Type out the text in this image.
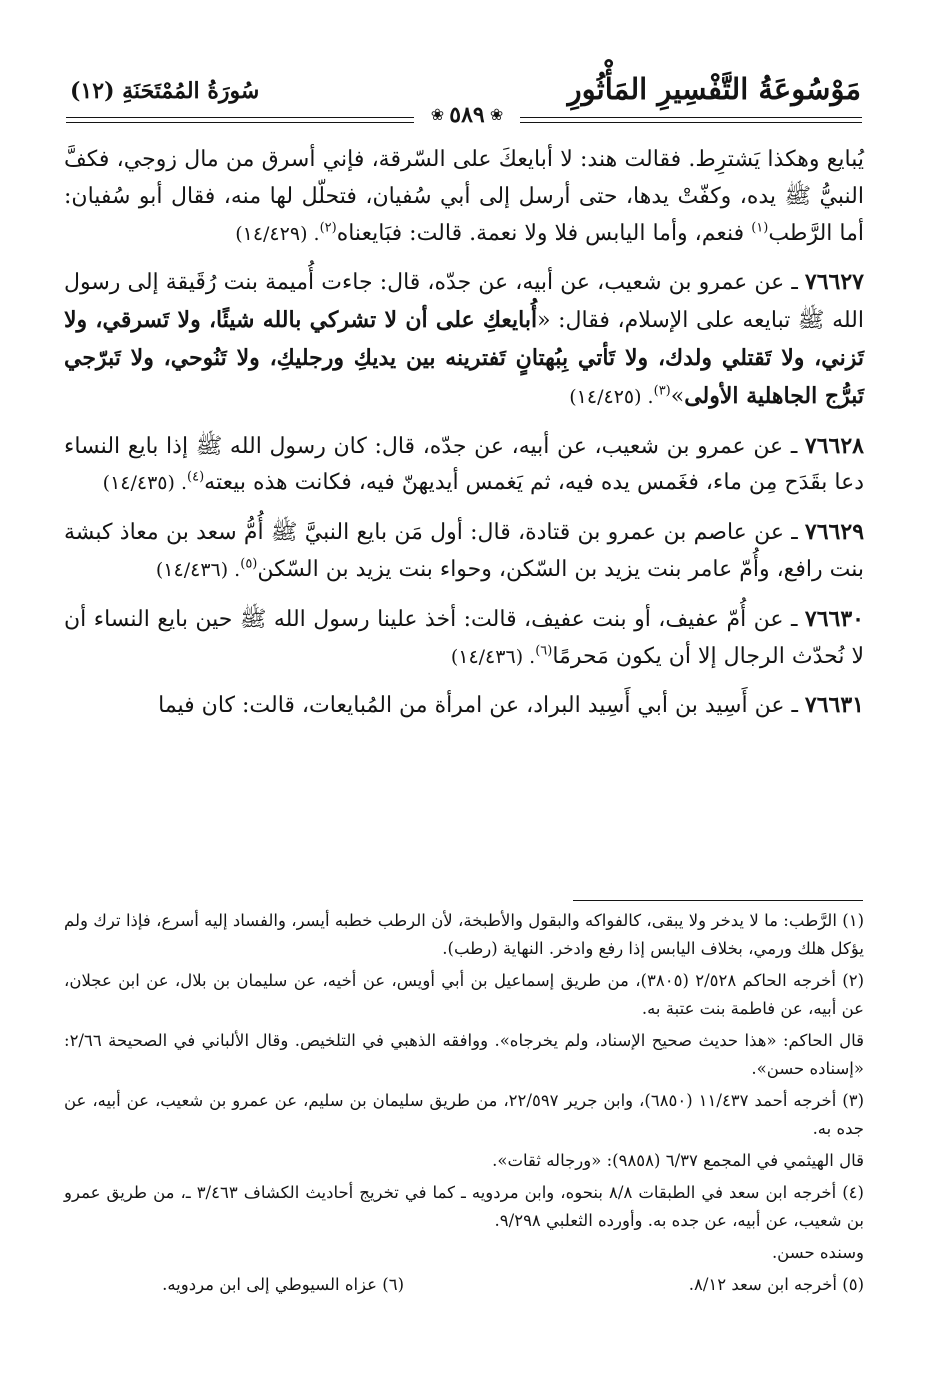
مَوْسُوعَةُ التَّفْسِيرِ المَأْثُورِ
سُورَةُ المُمْتَحَنَةِ (١٢)
❀ ٥٨٩ ❀

يُبايع وهكذا يَشترِط. فقالت هند: لا أبايعكَ على السّرقة، فإني أسرق من مال زوجي، فكفَّ النبيُّ ﷺ يده، وكفّتْ يدها، حتى أرسل إلى أبي سُفيان، فتحلّل لها منه، فقال أبو سُفيان: أما الرَّطب$^{(١)}$ فنعم، وأما اليابس فلا ولا نعمة. قالت: فبَايعناه$^{(٢)}$. (١٤/٤٢٩)

٧٦٦٢٧ ـ عن عمرو بن شعيب، عن أبيه، عن جدّه، قال: جاءت أُميمة بنت رُقَيقة إلى رسول الله ﷺ تبايعه على الإسلام، فقال: «أُبايعكِ على أن لا تشركي بالله شيئًا، ولا تَسرقي، ولا تَزني، ولا تَقتلي ولدك، ولا تَأتي بِبُهتانٍ تَفترينه بين يديكِ ورجليكِ، ولا تَنُوحي، ولا تَبرّجي تَبرُّج الجاهلية الأولى»$^{(٣)}$. (١٤/٤٢٥)

٧٦٦٢٨ ـ عن عمرو بن شعيب، عن أبيه، عن جدّه، قال: كان رسول الله ﷺ إذا بايع النساء دعا بقَدَح مِن ماء، فغَمس يده فيه، ثم يَغمس أيديهنّ فيه، فكانت هذه بيعته$^{(٤)}$. (١٤/٤٣٥)

٧٦٦٢٩ ـ عن عاصم بن عمرو بن قتادة، قال: أول مَن بايع النبيَّ ﷺ أُمُّ سعد بن معاذ كبشة بنت رافع، وأُمّ عامر بنت يزيد بن السّكن، وحواء بنت يزيد بن السّكن$^{(٥)}$. (١٤/٤٣٦)

٧٦٦٣٠ ـ عن أُمّ عفيف، أو بنت عفيف، قالت: أخذ علينا رسول الله ﷺ حين بايع النساء أن لا نُحدّث الرجال إلا أن يكون مَحرمًا$^{(٦)}$. (١٤/٤٣٦)

٧٦٦٣١ ـ عن أَسِيد بن أبي أَسِيد البراد، عن امرأة من المُبايعات، قالت: كان فيما

(١) الرَّطب: ما لا يدخر ولا يبقى، كالفواكه والبقول والأطبخة، لأن الرطب خطبه أيسر، والفساد إليه أسرع، فإذا ترك ولم يؤكل هلك ورمي، بخلاف اليابس إذا رفع وادخر. النهاية (رطب).

(٢) أخرجه الحاكم ٢/٥٢٨ (٣٨٠٥)، من طريق إسماعيل بن أبي أويس، عن أخيه، عن سليمان بن بلال، عن ابن عجلان، عن أبيه، عن فاطمة بنت عتبة به.

قال الحاكم: «هذا حديث صحيح الإسناد، ولم يخرجاه». ووافقه الذهبي في التلخيص. وقال الألباني في الصحيحة ٢/٦٦: «إسناده حسن».

(٣) أخرجه أحمد ١١/٤٣٧ (٦٨٥٠)، وابن جرير ٢٢/٥٩٧، من طريق سليمان بن سليم، عن عمرو بن شعيب، عن أبيه، عن جده به.

قال الهيثمي في المجمع ٦/٣٧ (٩٨٥٨): «ورجاله ثقات».

(٤) أخرجه ابن سعد في الطبقات ٨/٨ بنحوه، وابن مردويه ـ كما في تخريج أحاديث الكشاف ٣/٤٦٣ ـ، من طريق عمرو بن شعيب، عن أبيه، عن جده به. وأورده الثعلبي ٩/٢٩٨.

وسنده حسن.

(٥) أخرجه ابن سعد ٨/١٢.
(٦) عزاه السيوطي إلى ابن مردويه.
